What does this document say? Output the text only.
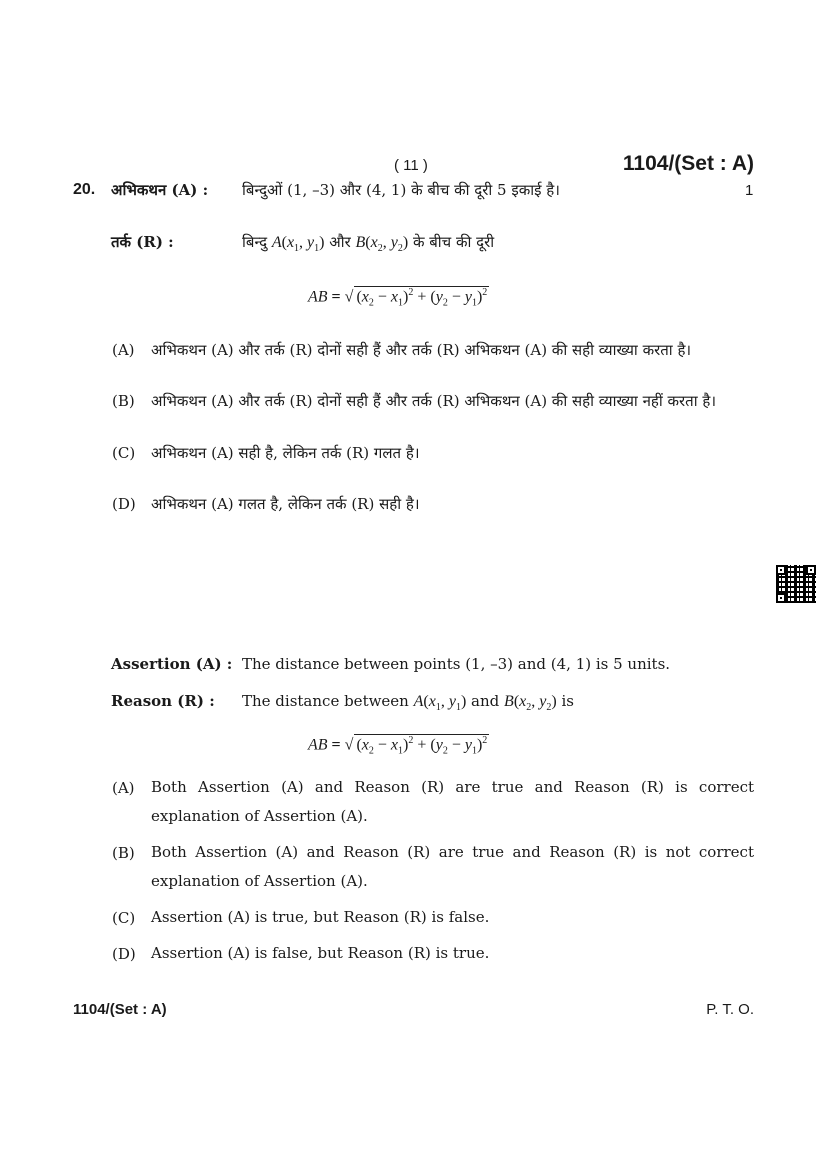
( 11 )	1104/(Set : A)
20. अभिकथन (A) : बिन्दुओं (1, –3) और (4, 1) के बीच की दूरी 5 इकाई है।	1
तर्क (R) :	बिन्दु $A(x_1$, $y_1$) और $B(x_2$, $y_2$) के बीच की दूरी
AB = √ $(x_2 - x_1)^2 + (y_2 - y_1)^2$
(A) अभिकथन (A) और तर्क (R) दोनों सही हैं और तर्क (R) अभिकथन (A) की सही व्याख्या करता है।
(B) अभिकथन (A) और तर्क (R) दोनों सही हैं और तर्क (R) अभिकथन (A) की सही व्याख्या नहीं करता है।
(C) अभिकथन (A) सही है, लेकिन तर्क (R) गलत है।
(D) अभिकथन (A) गलत है, लेकिन तर्क (R) सही है।
Assertion (A) : The distance between points (1, –3) and (4, 1) is 5 units.
Reason (R) : The distance between $A(x_1$, $y_1$) and $B(x_2$, $y_2$) is
AB = √ $(x_2 - x_1)^2 + (y_2 - y_1)^2$
(A) Both Assertion (A) and Reason (R) are true and Reason (R) is correct
explanation of Assertion (A).
(B) Both Assertion (A) and Reason (R) are true and Reason (R) is not correct
explanation of Assertion (A).
(C) Assertion (A) is true, but Reason (R) is false.
(D) Assertion (A) is false, but Reason (R) is true.
1104/(Set : A)	P. T. O.
